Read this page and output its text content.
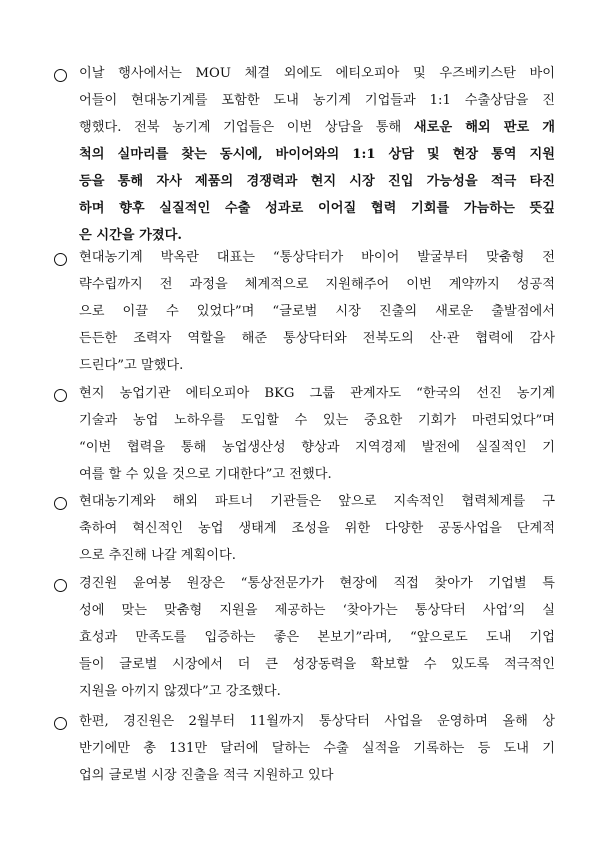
이날 행사에서는 MOU 체결 외에도 에티오피아 및 우즈베키스탄 바이
어들이 현대농기계를 포함한 도내 농기계 기업들과 1:1 수출상담을 진
행했다. 전북 농기계 기업들은 이번 상담을 통해 새로운 해외 판로 개
척의 실마리를 찾는 동시에, 바이어와의 1:1 상담 및 현장 통역 지원
등을 통해 자사 제품의 경쟁력과 현지 시장 진입 가능성을 적극 타진
하며 향후 실질적인 수출 성과로 이어질 협력 기회를 가늠하는 뜻깊
은 시간을 가졌다.
현대농기계 박옥란 대표는 “통상닥터가 바이어 발굴부터 맞춤형 전
략수립까지 전 과정을 체계적으로 지원해주어 이번 계약까지 성공적
으로 이끌 수 있었다”며 “글로벌 시장 진출의 새로운 출발점에서
든든한 조력자 역할을 해준 통상닥터와 전북도의 산·관 협력에 감사
드린다”고 말했다.
현지 농업기관 에티오피아 BKG 그룹 관계자도 “한국의 선진 농기계
기술과 농업 노하우를 도입할 수 있는 중요한 기회가 마련되었다”며
“이번 협력을 통해 농업생산성 향상과 지역경제 발전에 실질적인 기
여를 할 수 있을 것으로 기대한다”고 전했다.
현대농기계와 해외 파트너 기관들은 앞으로 지속적인 협력체계를 구
축하여 혁신적인 농업 생태계 조성을 위한 다양한 공동사업을 단계적
으로 추진해 나갈 계획이다.
경진원 윤여봉 원장은 “통상전문가가 현장에 직접 찾아가 기업별 특
성에 맞는 맞춤형 지원을 제공하는 ‘찾아가는 통상닥터 사업’의 실
효성과 만족도를 입증하는 좋은 본보기”라며, “앞으로도 도내 기업
들이 글로벌 시장에서 더 큰 성장동력을 확보할 수 있도록 적극적인
지원을 아끼지 않겠다”고 강조했다.
한편, 경진원은 2월부터 11월까지 통상닥터 사업을 운영하며 올해 상
반기에만 총 131만 달러에 달하는 수출 실적을 기록하는 등 도내 기
업의 글로벌 시장 진출을 적극 지원하고 있다
